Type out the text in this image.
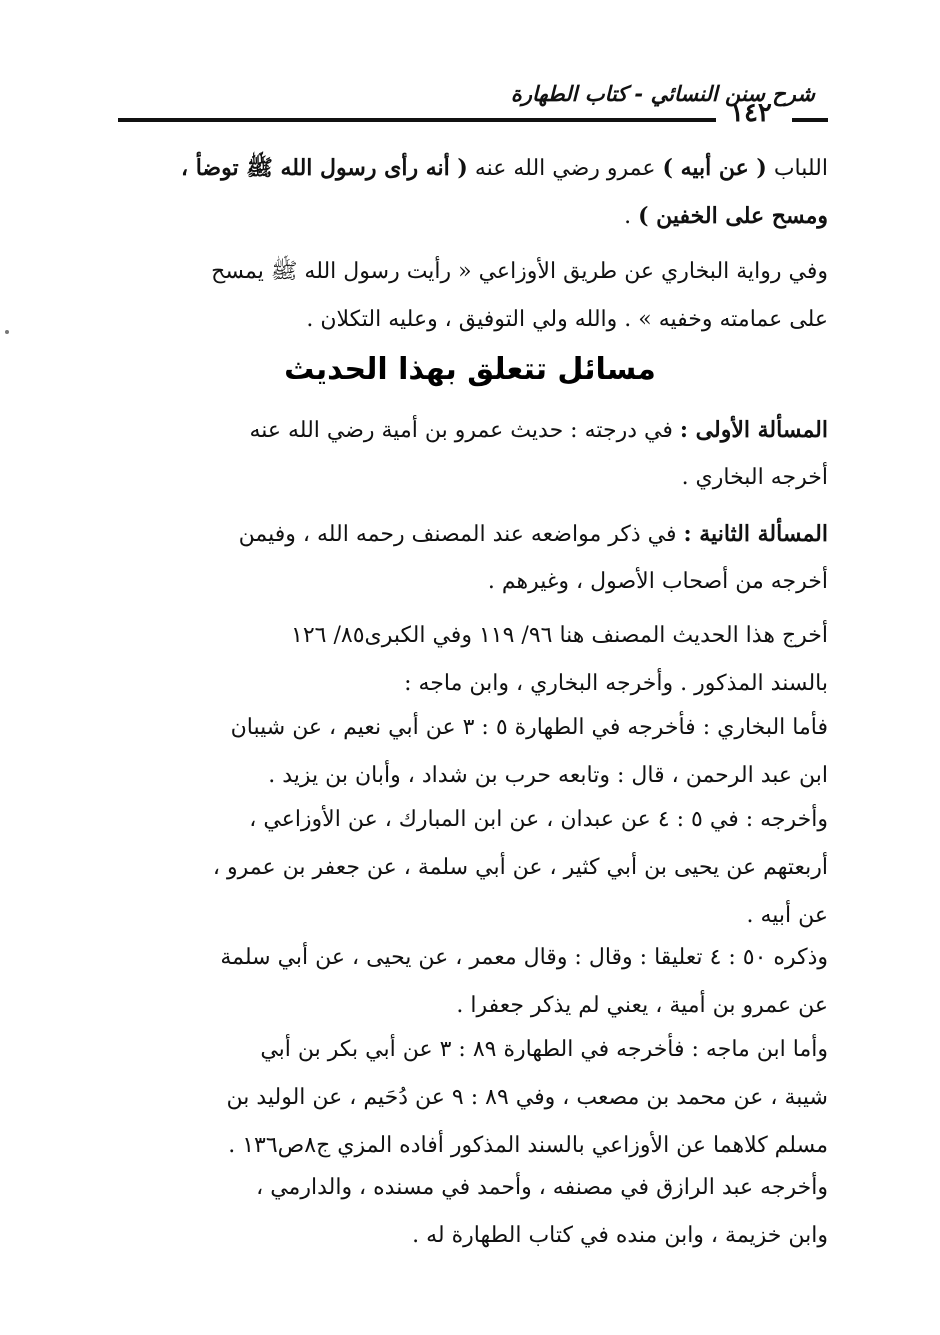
شرح سنن النسائي - كتاب الطهارة
١٤٢
اللباب ( عن أبيه ) عمرو رضي الله عنه ( أنه رأى رسول الله ﷺ توضأ ،
ومسح على الخفين ) .
وفي رواية البخاري عن طريق الأوزاعي « رأيت رسول الله ﷺ يمسح
على عمامته وخفيه » . والله ولي التوفيق ، وعليه التكلان .
مسائل تتعلق بهذا الحديث
المسألة الأولى : في درجته : حديث عمرو بن أمية رضي الله عنه
أخرجه البخاري .
المسألة الثانية : في ذكر مواضعه عند المصنف رحمه الله ، وفيمن
أخرجه من أصحاب الأصول ، وغيرهم .
أخرج هذا الحديث المصنف هنا ٩٦/ ١١٩ وفي الكبرى٨٥/ ١٢٦
بالسند المذكور . وأخرجه البخاري ، وابن ماجه :
فأما البخاري : فأخرجه في الطهارة ٥ : ٣ عن أبي نعيم ، عن شيبان
ابن عبد الرحمن ، قال : وتابعه حرب بن شداد ، وأبان بن يزيد .
وأخرجه : في ٥ : ٤ عن عبدان ، عن ابن المبارك ، عن الأوزاعي ،
أربعتهم عن يحيى بن أبي كثير ، عن أبي سلمة ، عن جعفر بن عمرو ،
عن أبيه .
وذكره ٥٠ : ٤ تعليقا : وقال : وقال معمر ، عن يحيى ، عن أبي سلمة
عن عمرو بن أمية ، يعني لم يذكر جعفرا .
وأما ابن ماجه : فأخرجه في الطهارة ٨٩ : ٣ عن أبي بكر بن أبي
شيبة ، عن محمد بن مصعب ، وفي ٨٩ : ٩ عن دُحَيم ، عن الوليد بن
مسلم كلاهما عن الأوزاعي بالسند المذكور أفاده المزي ج٨ص١٣٦ .
وأخرجه عبد الرازق في مصنفه ، وأحمد في مسنده ، والدارمي ،
وابن خزيمة ، وابن منده في كتاب الطهارة له .
